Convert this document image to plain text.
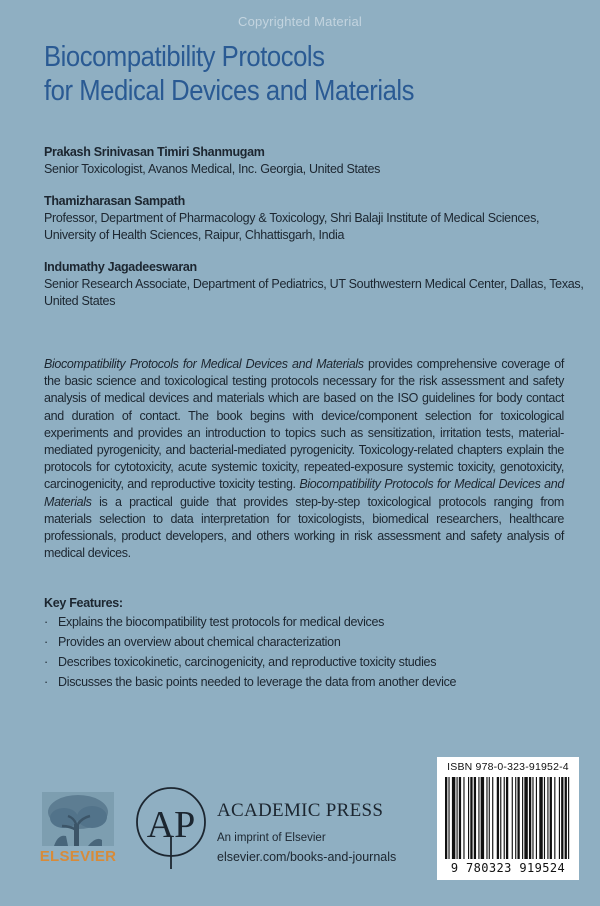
Copyrighted Material
Biocompatibility Protocols
for Medical Devices and Materials
Prakash Srinivasan Timiri Shanmugam
Senior Toxicologist, Avanos Medical, Inc. Georgia, United States
Thamizharasan Sampath
Professor, Department of Pharmacology & Toxicology, Shri Balaji Institute of Medical Sciences, University of Health Sciences, Raipur, Chhattisgarh, India
Indumathy Jagadeeswaran
Senior Research Associate, Department of Pediatrics, UT Southwestern Medical Center, Dallas, Texas, United States
Biocompatibility Protocols for Medical Devices and Materials provides comprehensive coverage of the basic science and toxicological testing protocols necessary for the risk assessment and safety analysis of medical devices and materials which are based on the ISO guidelines for body contact and duration of contact. The book begins with device/component selection for toxicological experiments and provides an introduction to topics such as sensitization, irritation tests, material-mediated pyrogenicity, and bacterial-mediated pyrogenicity. Toxicology-related chapters explain the protocols for cytotoxicity, acute systemic toxicity, repeated-exposure systemic toxicity, genotoxicity, carcinogenicity, and reproductive toxicity testing. Biocompatibility Protocols for Medical Devices and Materials is a practical guide that provides step-by-step toxicological protocols ranging from materials selection to data interpretation for toxicologists, biomedical researchers, healthcare professionals, product developers, and others working in risk assessment and safety analysis of medical devices.
Key Features:
· Explains the biocompatibility test protocols for medical devices
· Provides an overview about chemical characterization
· Describes toxicokinetic, carcinogenicity, and reproductive toxicity studies
· Discusses the basic points needed to leverage the data from another device
ELSEVIER
AP ACADEMIC PRESS
An imprint of Elsevier
elsevier.com/books-and-journals
ISBN 978-0-323-91952-4
9 780323 919524
